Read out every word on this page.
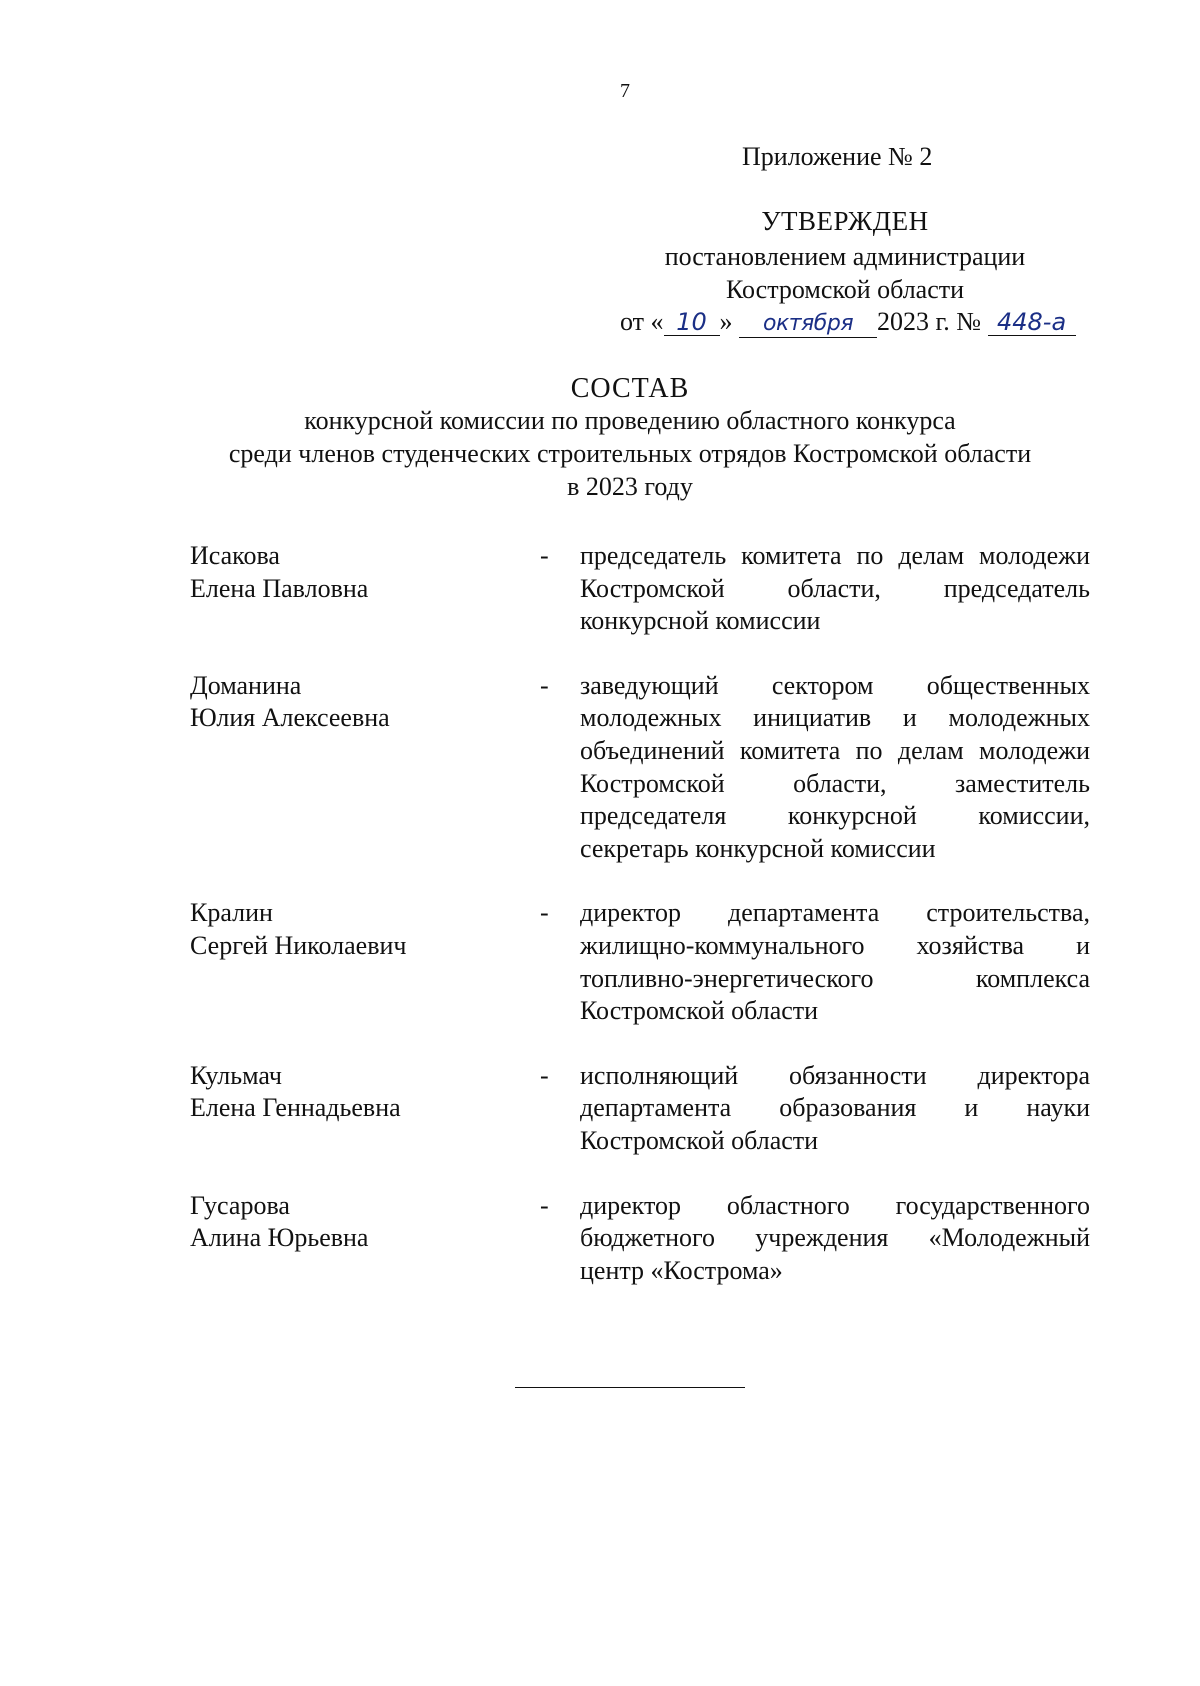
7
Приложение № 2
УТВЕРЖДЕН
постановлением администрации
Костромской области
от « 10 » октября 2023 г. № 448-а
СОСТАВ
конкурсной комиссии по проведению областного конкурса
среди членов студенческих строительных отрядов Костромской области
в 2023 году
Исакова
Елена Павловна
-	председатель комитета по делам молодежи Костромской области, председатель конкурсной комиссии
Доманина
Юлия Алексеевна
-	заведующий сектором общественных молодежных инициатив и молодежных объединений комитета по делам молодежи Костромской области, заместитель председателя конкурсной комиссии, секретарь конкурсной комиссии
Кралин
Сергей Николаевич
-	директор департамента строительства, жилищно-коммунального хозяйства и топливно-энергетического комплекса Костромской области
Кульмач
Елена Геннадьевна
-	исполняющий обязанности директора департамента образования и науки Костромской области
Гусарова
Алина Юрьевна
-	директор областного государственного бюджетного учреждения «Молодежный центр «Кострома»
